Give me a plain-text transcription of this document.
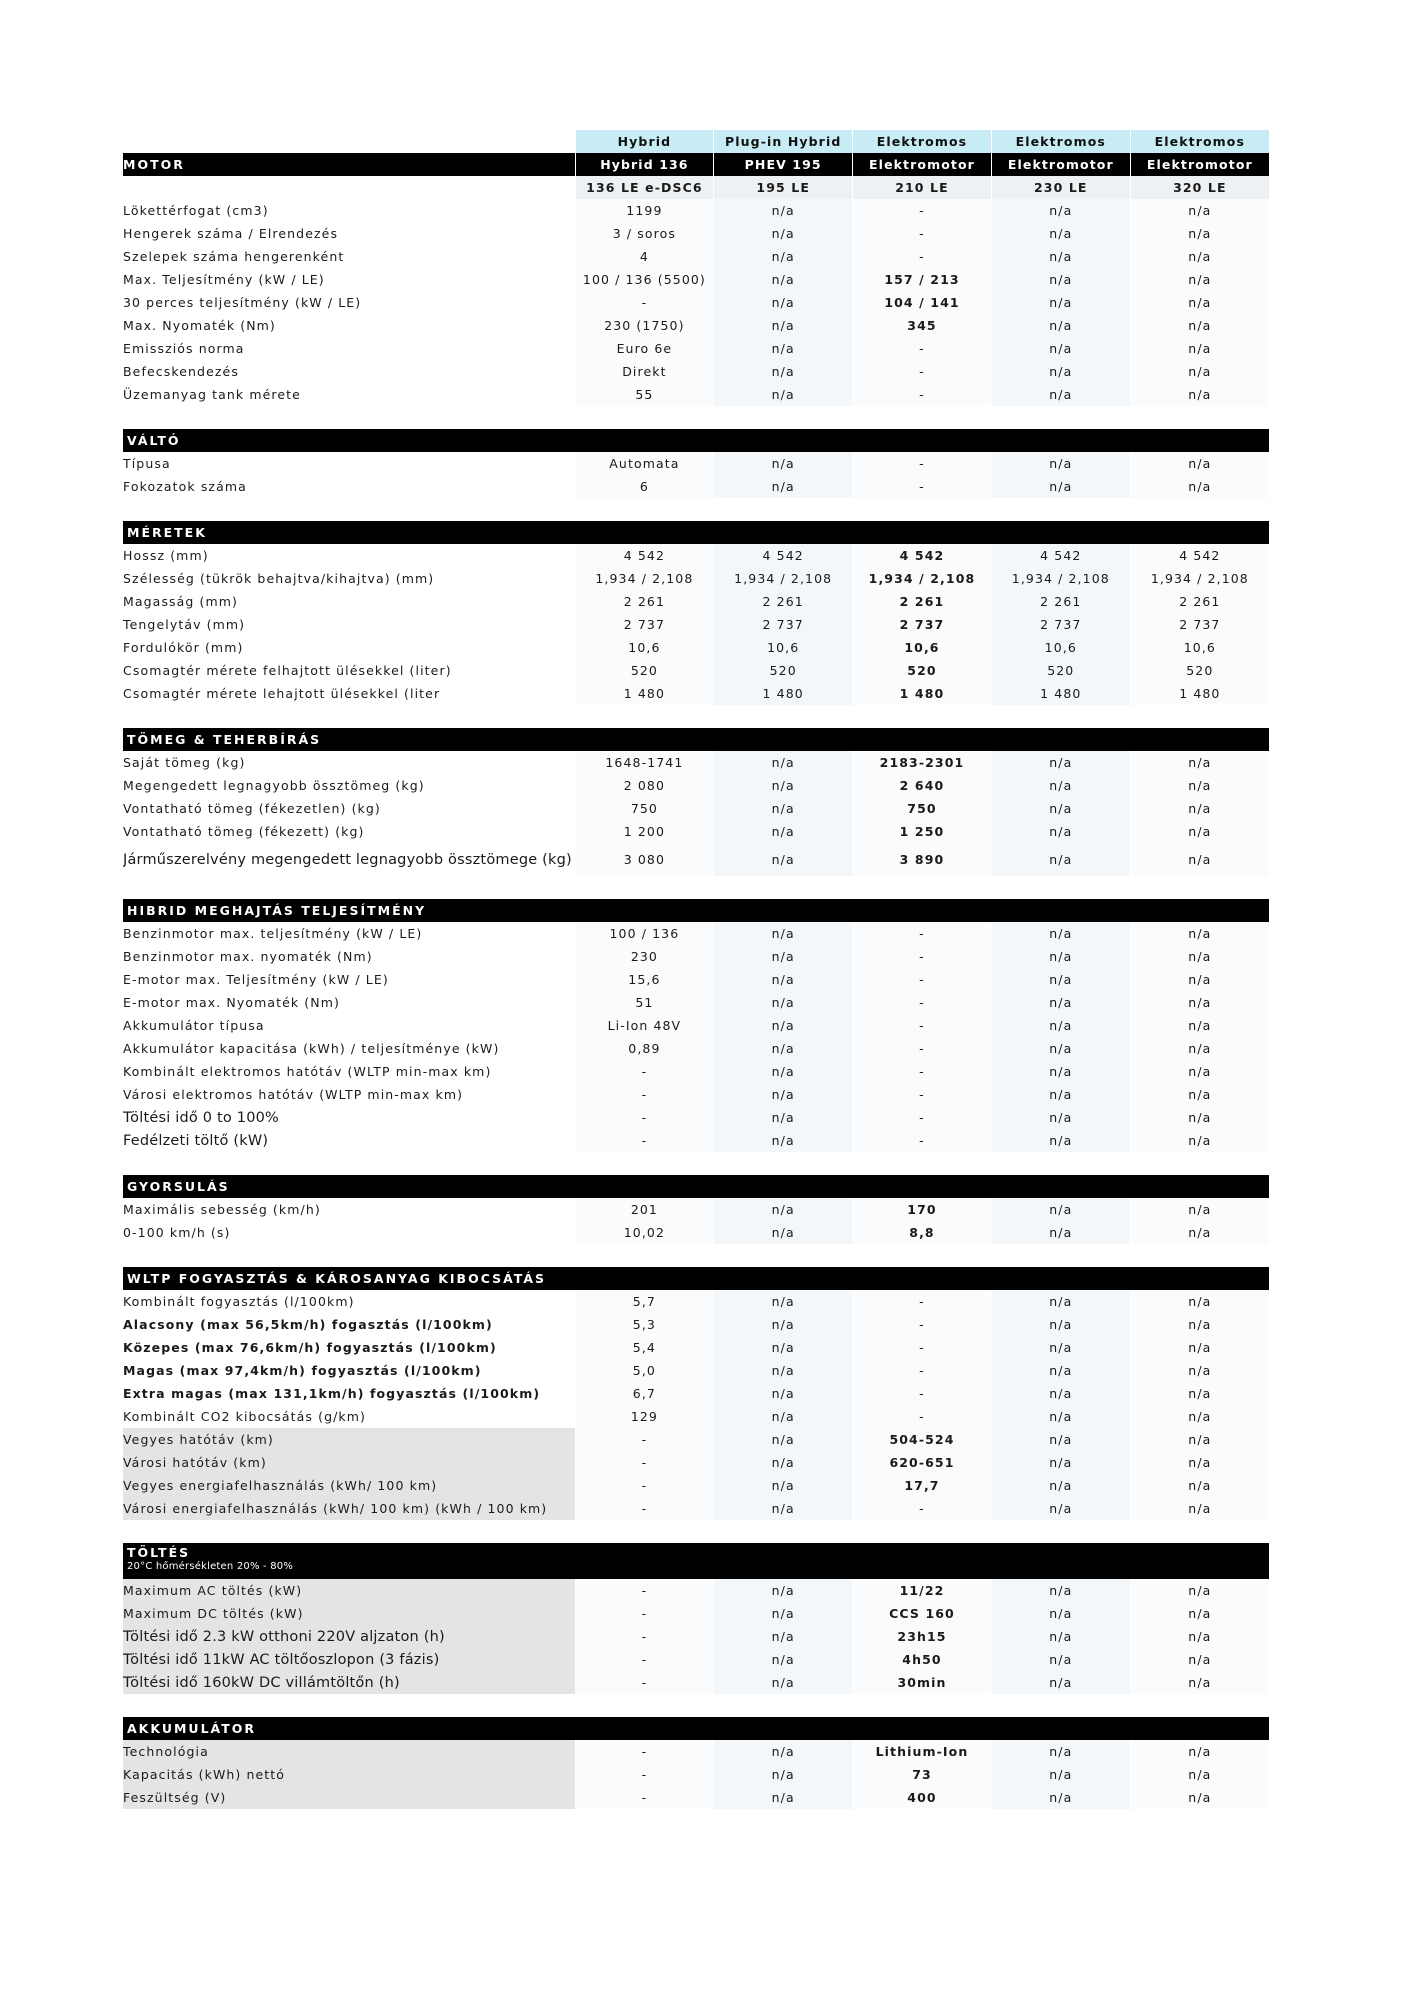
	Hybrid	Plug-in Hybrid	Elektromos	Elektromos	Elektromos
MOTOR	Hybrid 136	PHEV 195	Elektromotor	Elektromotor	Elektromotor
	136 LE e-DSC6	195 LE	210 LE	230 LE	320 LE
Lökettérfogat (cm3)	1199	n/a	-	n/a	n/a
Hengerek száma / Elrendezés	3 / soros	n/a	-	n/a	n/a
Szelepek száma hengerenként	4	n/a	-	n/a	n/a
Max. Teljesítmény (kW / LE)	100 / 136 (5500)	n/a	157 / 213	n/a	n/a
30 perces teljesítmény (kW / LE)	-	n/a	104 / 141	n/a	n/a
Max. Nyomaték (Nm)	230 (1750)	n/a	345	n/a	n/a
Emissziós norma	Euro 6e	n/a	-	n/a	n/a
Befecskendezés	Direkt	n/a	-	n/a	n/a
Üzemanyag tank mérete	55	n/a	-	n/a	n/a

VÁLTÓ					
Típusa	Automata	n/a	-	n/a	n/a
Fokozatok száma	6	n/a	-	n/a	n/a

MÉRETEK					
Hossz (mm)	4 542	4 542	4 542	4 542	4 542
Szélesség (tükrök behajtva/kihajtva) (mm)	1,934 / 2,108	1,934 / 2,108	1,934 / 2,108	1,934 / 2,108	1,934 / 2,108
Magasság (mm)	2 261	2 261	2 261	2 261	2 261
Tengelytáv (mm)	2 737	2 737	2 737	2 737	2 737
Fordulókör (mm)	10,6	10,6	10,6	10,6	10,6
Csomagtér mérete felhajtott ülésekkel (liter)	520	520	520	520	520
Csomagtér mérete lehajtott ülésekkel (liter	1 480	1 480	1 480	1 480	1 480

TÖMEG & TEHERBÍRÁS					
Saját tömeg (kg)	1648-1741	n/a	2183-2301	n/a	n/a
Megengedett legnagyobb össztömeg (kg)	2 080	n/a	2 640	n/a	n/a
Vontatható tömeg (fékezetlen) (kg)	750	n/a	750	n/a	n/a
Vontatható tömeg (fékezett) (kg)	1 200	n/a	1 250	n/a	n/a
Járműszerelvény megengedett legnagyobb össztömege (kg)	3 080	n/a	3 890	n/a	n/a

HIBRID MEGHAJTÁS TELJESÍTMÉNY					
Benzinmotor max. teljesítmény (kW / LE)	100 / 136	n/a	-	n/a	n/a
Benzinmotor max. nyomaték (Nm)	230	n/a	-	n/a	n/a
E-motor max. Teljesítmény (kW / LE)	15,6	n/a	-	n/a	n/a
E-motor max. Nyomaték (Nm)	51	n/a	-	n/a	n/a
Akkumulátor típusa	Li-Ion 48V	n/a	-	n/a	n/a
Akkumulátor kapacitása (kWh) / teljesítménye (kW)	0,89	n/a	-	n/a	n/a
Kombinált elektromos hatótáv (WLTP min-max km)	-	n/a	-	n/a	n/a
Városi elektromos hatótáv (WLTP min-max km)	-	n/a	-	n/a	n/a
Töltési idő 0 to 100%	-	n/a	-	n/a	n/a
Fedélzeti töltő (kW)	-	n/a	-	n/a	n/a

GYORSULÁS					
Maximális sebesség (km/h)	201	n/a	170	n/a	n/a
0-100 km/h (s)	10,02	n/a	8,8	n/a	n/a

WLTP FOGYASZTÁS & KÁROSANYAG KIBOCSÁTÁS					
Kombinált fogyasztás (l/100km)	5,7	n/a	-	n/a	n/a
Alacsony (max 56,5km/h) fogasztás (l/100km)	5,3	n/a	-	n/a	n/a
Közepes (max 76,6km/h) fogyasztás (l/100km)	5,4	n/a	-	n/a	n/a
Magas (max 97,4km/h) fogyasztás (l/100km)	5,0	n/a	-	n/a	n/a
Extra magas (max 131,1km/h) fogyasztás (l/100km)	6,7	n/a	-	n/a	n/a
Kombinált CO2 kibocsátás (g/km)	129	n/a	-	n/a	n/a
Vegyes hatótáv (km)	-	n/a	504-524	n/a	n/a
Városi hatótáv (km)	-	n/a	620-651	n/a	n/a
Vegyes energiafelhasználás (kWh/ 100 km)	-	n/a	17,7	n/a	n/a
Városi energiafelhasználás (kWh/ 100 km) (kWh / 100 km)	-	n/a	-	n/a	n/a

TÖLTÉS
20°C hőmérsékleten 20% - 80%					

Maximum AC töltés (kW)	-	n/a	11/22	n/a	n/a
Maximum DC töltés (kW)	-	n/a	CCS 160	n/a	n/a
Töltési idő 2.3 kW otthoni 220V aljzaton (h)	-	n/a	23h15	n/a	n/a
Töltési idő 11kW AC töltőoszlopon (3 fázis)	-	n/a	4h50	n/a	n/a
Töltési idő 160kW DC villámtöltőn (h)	-	n/a	30min	n/a	n/a

AKKUMULÁTOR					
Technológia	-	n/a	Lithium-Ion	n/a	n/a
Kapacitás (kWh) nettó	-	n/a	73	n/a	n/a
Feszültség (V)	-	n/a	400	n/a	n/a
